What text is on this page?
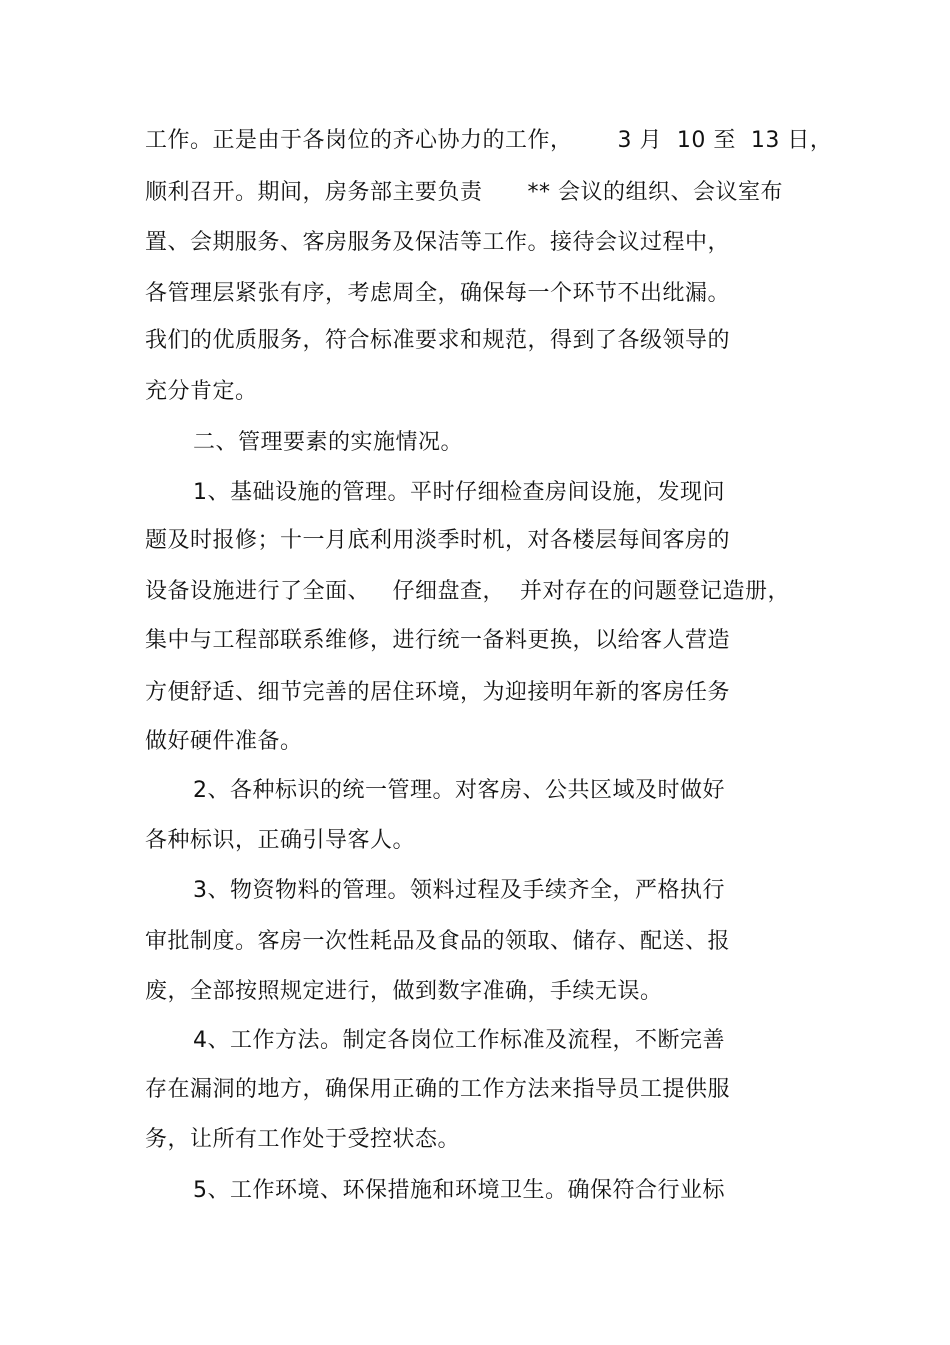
工作。正是由于各岗位的齐心协力的工作，      3 月  10 至  13 日，
顺利召开。期间，房务部主要负责      ** 会议的组织、会议室布
置、会期服务、客房服务及保洁等工作。接待会议过程中，
各管理层紧张有序，考虑周全，确保每一个环节不出纰漏。
我们的优质服务，符合标准要求和规范，得到了各级领导的
充分肯定。
二、管理要素的实施情况。
1、基础设施的管理。平时仔细检查房间设施，发现问
题及时报修；十一月底利用淡季时机，对各楼层每间客房的
设备设施进行了全面、   仔细盘查，  并对存在的问题登记造册，
集中与工程部联系维修，进行统一备料更换，以给客人营造
方便舒适、细节完善的居住环境，为迎接明年新的客房任务
做好硬件准备。
2、各种标识的统一管理。对客房、公共区域及时做好
各种标识，正确引导客人。
3、物资物料的管理。领料过程及手续齐全，严格执行
审批制度。客房一次性耗品及食品的领取、储存、配送、报
废，全部按照规定进行，做到数字准确，手续无误。
4、工作方法。制定各岗位工作标准及流程，不断完善
存在漏洞的地方，确保用正确的工作方法来指导员工提供服
务，让所有工作处于受控状态。
5、工作环境、环保措施和环境卫生。确保符合行业标
